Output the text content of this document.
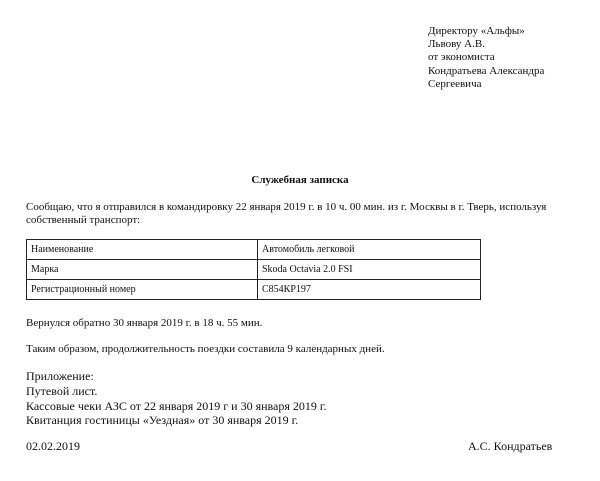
Директору «Альфы»
Львову А.В.
от экономиста
Кондратьева Александра
Сергеевича
Служебная записка
Сообщаю, что я отправился в командировку 22 января 2019 г. в 10 ч. 00 мин. из г. Москвы в г. Тверь, используя собственный транспорт:
Наименование	Автомобиль легковой
Марка	Skoda Octavia 2.0 FSI
Регистрационный номер	С854КР197
Вернулся обратно 30 января 2019 г. в 18 ч. 55 мин.
Таким образом, продолжительность поездки составила 9 календарных дней.
Приложение:
Путевой лист.
Кассовые чеки АЗС от 22 января 2019 г и 30 января 2019 г.
Квитанция гостиницы «Уездная» от 30 января 2019 г.
02.02.2019	А.С. Кондратьев
